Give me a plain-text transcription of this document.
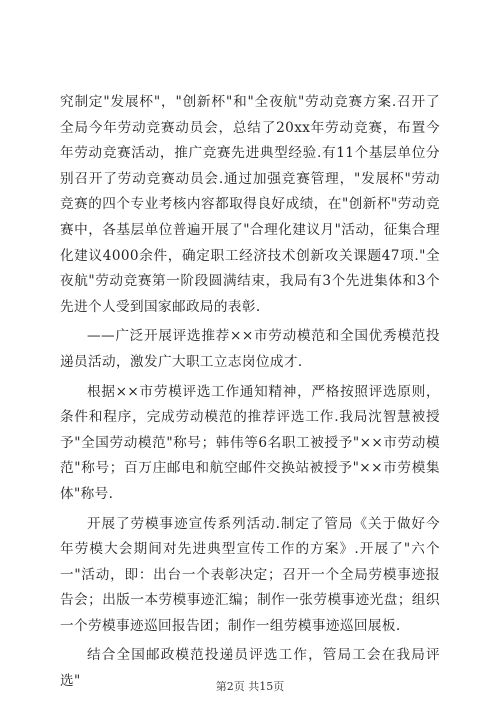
究制定"发展杯"，"创新杯"和"全夜航"劳动竞赛方案.召开了全局今年劳动竞赛动员会，总结了20xx年劳动竞赛，布置今年劳动竞赛活动，推广竞赛先进典型经验.有11个基层单位分别召开了劳动竞赛动员会.通过加强竞赛管理，"发展杯"劳动竞赛的四个专业考核内容都取得良好成绩，在"创新杯"劳动竞赛中，各基层单位普遍开展了"合理化建议月"活动，征集合理化建议4000余件，确定职工经济技术创新攻关课题47项."全夜航"劳动竞赛第一阶段圆满结束，我局有3个先进集体和3个先进个人受到国家邮政局的表彰.

——广泛开展评选推荐××市劳动模范和全国优秀模范投递员活动，激发广大职工立志岗位成才.

根据××市劳模评选工作通知精神，严格按照评选原则，条件和程序，完成劳动模范的推荐评选工作.我局沈智慧被授予"全国劳动模范"称号；韩伟等6名职工被授予"××市劳动模范"称号；百万庄邮电和航空邮件交换站被授予"××市劳模集体"称号.

开展了劳模事迹宣传系列活动.制定了管局《关于做好今年劳模大会期间对先进典型宣传工作的方案》.开展了"六个一"活动，即：出台一个表彰决定；召开一个全局劳模事迹报告会；出版一本劳模事迹汇编；制作一张劳模事迹光盘；组织一个劳模事迹巡回报告团；制作一组劳模事迹巡回展板.

结合全国邮政模范投递员评选工作，管局工会在我局评选"	第2页 共15页
